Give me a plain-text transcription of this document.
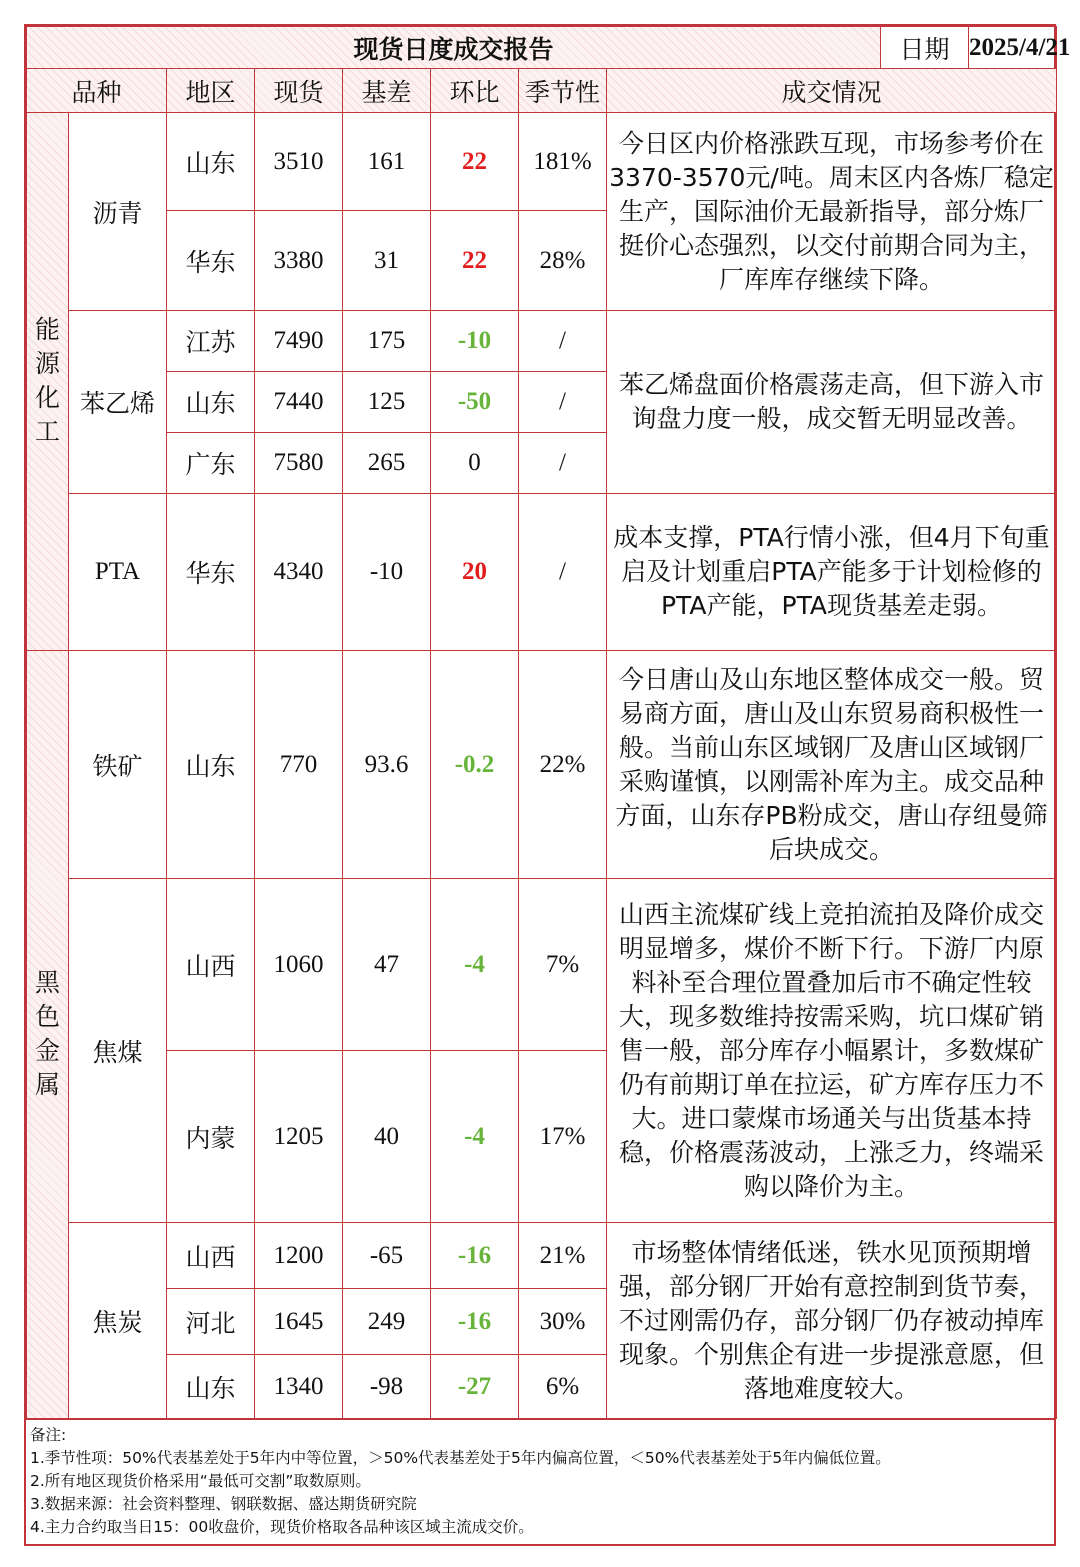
现货日度成交报告								日期	2025/4/21
品种		地区	现货	基差	环比	季节性	成交情况		

能
源
化
工	沥青	山东	3510	161	22	181%	今日区内价格涨跌互现，市场参考价在3370-3570元/吨。周末区内各炼厂稳定生产，国际油价无最新指导，部分炼厂挺价心态强烈，以交付前期合同为主，厂库库存继续下降。		
		华东	3380	31	22	28%			
	苯乙烯	江苏	7490	175	-10	/	苯乙烯盘面价格震荡走高，但下游入市询盘力度一般，成交暂无明显改善。		
		山东	7440	125	-50	/			
		广东	7580	265	0	/			
	PTA	华东	4340	-10	20	/	成本支撑，PTA行情小涨，但4月下旬重启及计划重启PTA产能多于计划检修的PTA产能，PTA现货基差走弱。		

黑
色
金
属	铁矿	山东	770	93.6	-0.2	22%	今日唐山及山东地区整体成交一般。贸易商方面，唐山及山东贸易商积极性一般。当前山东区域钢厂及唐山区域钢厂采购谨慎，以刚需补库为主。成交品种方面，山东存PB粉成交，唐山存纽曼筛后块成交。		
	焦煤	山西	1060	47	-4	7%	山西主流煤矿线上竞拍流拍及降价成交明显增多，煤价不断下行。下游厂内原料补至合理位置叠加后市不确定性较大，现多数维持按需采购，坑口煤矿销售一般，部分库存小幅累计，多数煤矿仍有前期订单在拉运，矿方库存压力不大。进口蒙煤市场通关与出货基本持稳，价格震荡波动，上涨乏力，终端采购以降价为主。		
		内蒙	1205	40	-4	17%			
	焦炭	山西	1200	-65	-16	21%	市场整体情绪低迷，铁水见顶预期增强，部分钢厂开始有意控制到货节奏，不过刚需仍存，部分钢厂仍存被动掉库现象。个别焦企有进一步提涨意愿，但落地难度较大。		
		河北	1645	249	-16	30%			
		山东	1340	-98	-27	6%			
备注:
1.季节性项：50%代表基差处于5年内中等位置，＞50%代表基差处于5年内偏高位置，＜50%代表基差处于5年内偏低位置。
2.所有地区现货价格采用“最低可交割”取数原则。
3.数据来源：社会资料整理、钢联数据、盛达期货研究院
4.主力合约取当日15：00收盘价，现货价格取各品种该区域主流成交价。
